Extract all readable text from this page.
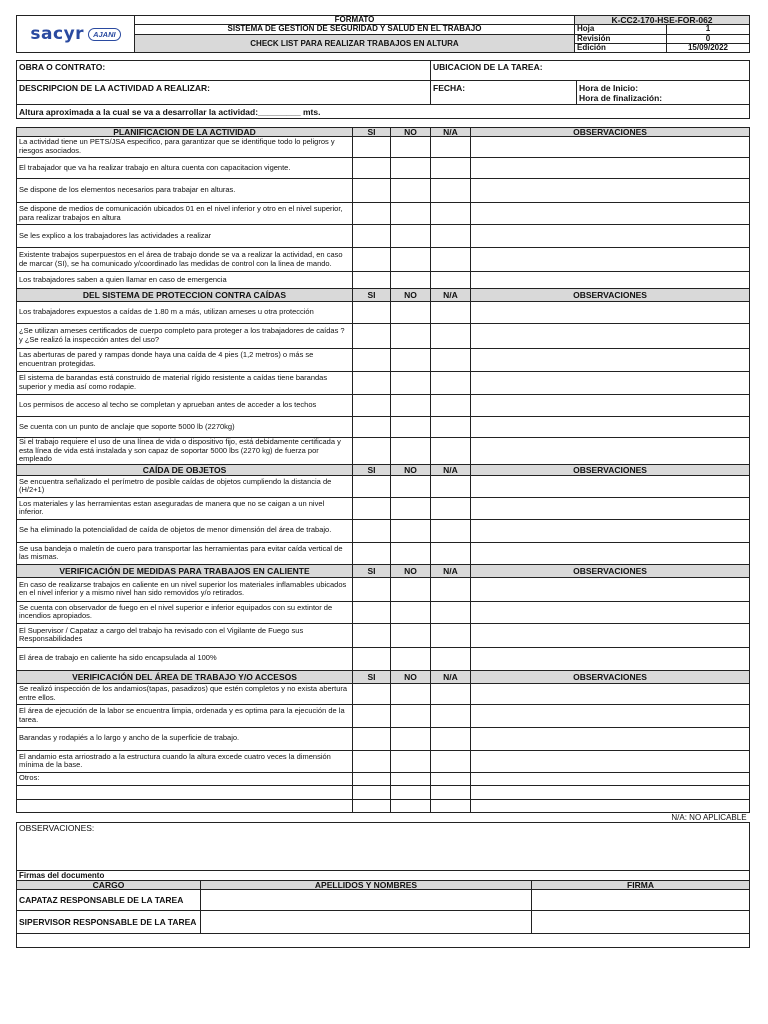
sacyr AJANI	FORMATO	K-CC2-170-HSE-FOR-062	
	SISTEMA DE GESTION DE SEGURIDAD Y SALUD EN EL TRABAJO	Hoja	1
	CHECK LIST PARA REALIZAR TRABAJOS EN ALTURA	Revisión	0
		Edición	15/09/2022
OBRA O CONTRATO:	UBICACION DE LA TAREA:	
DESCRIPCION DE LA ACTIVIDAD A REALIZAR:	FECHA:	Hora de Inicio:
Hora de finalización:

Altura aproximada a la cual se va a desarrollar la actividad:_________ mts.		
PLANIFICACION DE LA ACTIVIDAD	SI	NO	N/A	OBSERVACIONES
La actividad tiene un PETS/JSA especifico, para garantizar que se identifique todo lo peligros y riesgos asociados.				
El trabajador que va ha realizar trabajo en altura cuenta con capacitacion vigente.				
Se dispone de los elementos necesarios para trabajar en alturas.				
Se dispone de medios de comunicación ubicados 01 en el nivel inferior y otro en el nivel superior, para realizar trabajos en altura				
Se les explico a los trabajadores las actividades a realizar				
Existente trabajos superpuestos en el área de trabajo donde se va a realizar la actividad, en caso de marcar (SI), se ha comunicado y/coordinado las medidas de control con la linea de mando.				
Los trabajadores saben a quien llamar en caso de emergencia				
DEL SISTEMA DE PROTECCION CONTRA CAÍDAS	SI	NO	N/A	OBSERVACIONES
Los trabajadores expuestos a caídas de 1.80 m a más, utilizan arneses u otra protección				
¿Se utilizan arneses certificados de cuerpo completo para proteger a los trabajadores de caídas ? y ¿Se realizó la inspección antes del uso?				
Las aberturas de pared y rampas donde haya una caída de 4 pies (1,2 metros) o más se encuentran protegidas.				
El sistema de barandas está construido de material rígido resistente a caídas tiene barandas superior y media así como rodapie.				
Los permisos de acceso al techo se completan y aprueban antes de acceder a los techos				
Se cuenta con un punto de anclaje que soporte 5000 lb (2270kg)				
Si el trabajo requiere el uso de una línea de vida o dispositivo fijo, está debidamente certificada y esta línea de vida está instalada y son capaz de soportar 5000 lbs (2270 kg) de fuerza por empleado				
CAÍDA DE OBJETOS	SI	NO	N/A	OBSERVACIONES
Se encuentra señalizado el perímetro de posible caídas de objetos cumpliendo la distancia de (H/2+1)				
Los materiales y las herramientas estan aseguradas de manera que no se caigan a un nivel inferior.				
Se ha eliminado la potencialidad de caída de objetos de menor dimensión del área de trabajo.				
Se usa bandeja o maletín de cuero para transportar las herramientas para evitar caída vertical de las mismas.				
VERIFICACIÓN DE MEDIDAS PARA TRABAJOS EN CALIENTE	SI	NO	N/A	OBSERVACIONES
En caso de realizarse trabajos en caliente en un nivel superior los materiales inflamables ubicados en el nivel inferior y a mismo nivel han sido removidos y/o retirados.				
Se cuenta con observador de fuego en el nivel superior e inferior equipados con su extintor de incendios apropiados.				
El Supervisor / Capataz a cargo del trabajo ha revisado con el Vigilante de Fuego sus Responsabilidades				
El área de trabajo en caliente ha sido encapsulada al 100%				
VERIFICACIÓN DEL ÁREA DE TRABAJO Y/O ACCESOS	SI	NO	N/A	OBSERVACIONES
Se realizó inspección de los andamios(tapas, pasadizos) que estén completos y no exista abertura entre ellos.				
El área de ejecución de la labor se encuentra limpia, ordenada y es optima para la ejecución de la tarea.				
Barandas y rodapiés a lo largo y ancho de la superficie de trabajo.				
El andamio esta arriostrado a la estructura cuando la altura excede cuatro veces la dimensión mínima de la base.				
Otros:				

N/A: NO APLICABLE		
OBSERVACIONES:		
Firmas del documento		
CARGO	APELLIDOS Y NOMBRES	FIRMA
CAPATAZ RESPONSABLE DE LA TAREA		
SIPERVISOR RESPONSABLE DE LA TAREA		
